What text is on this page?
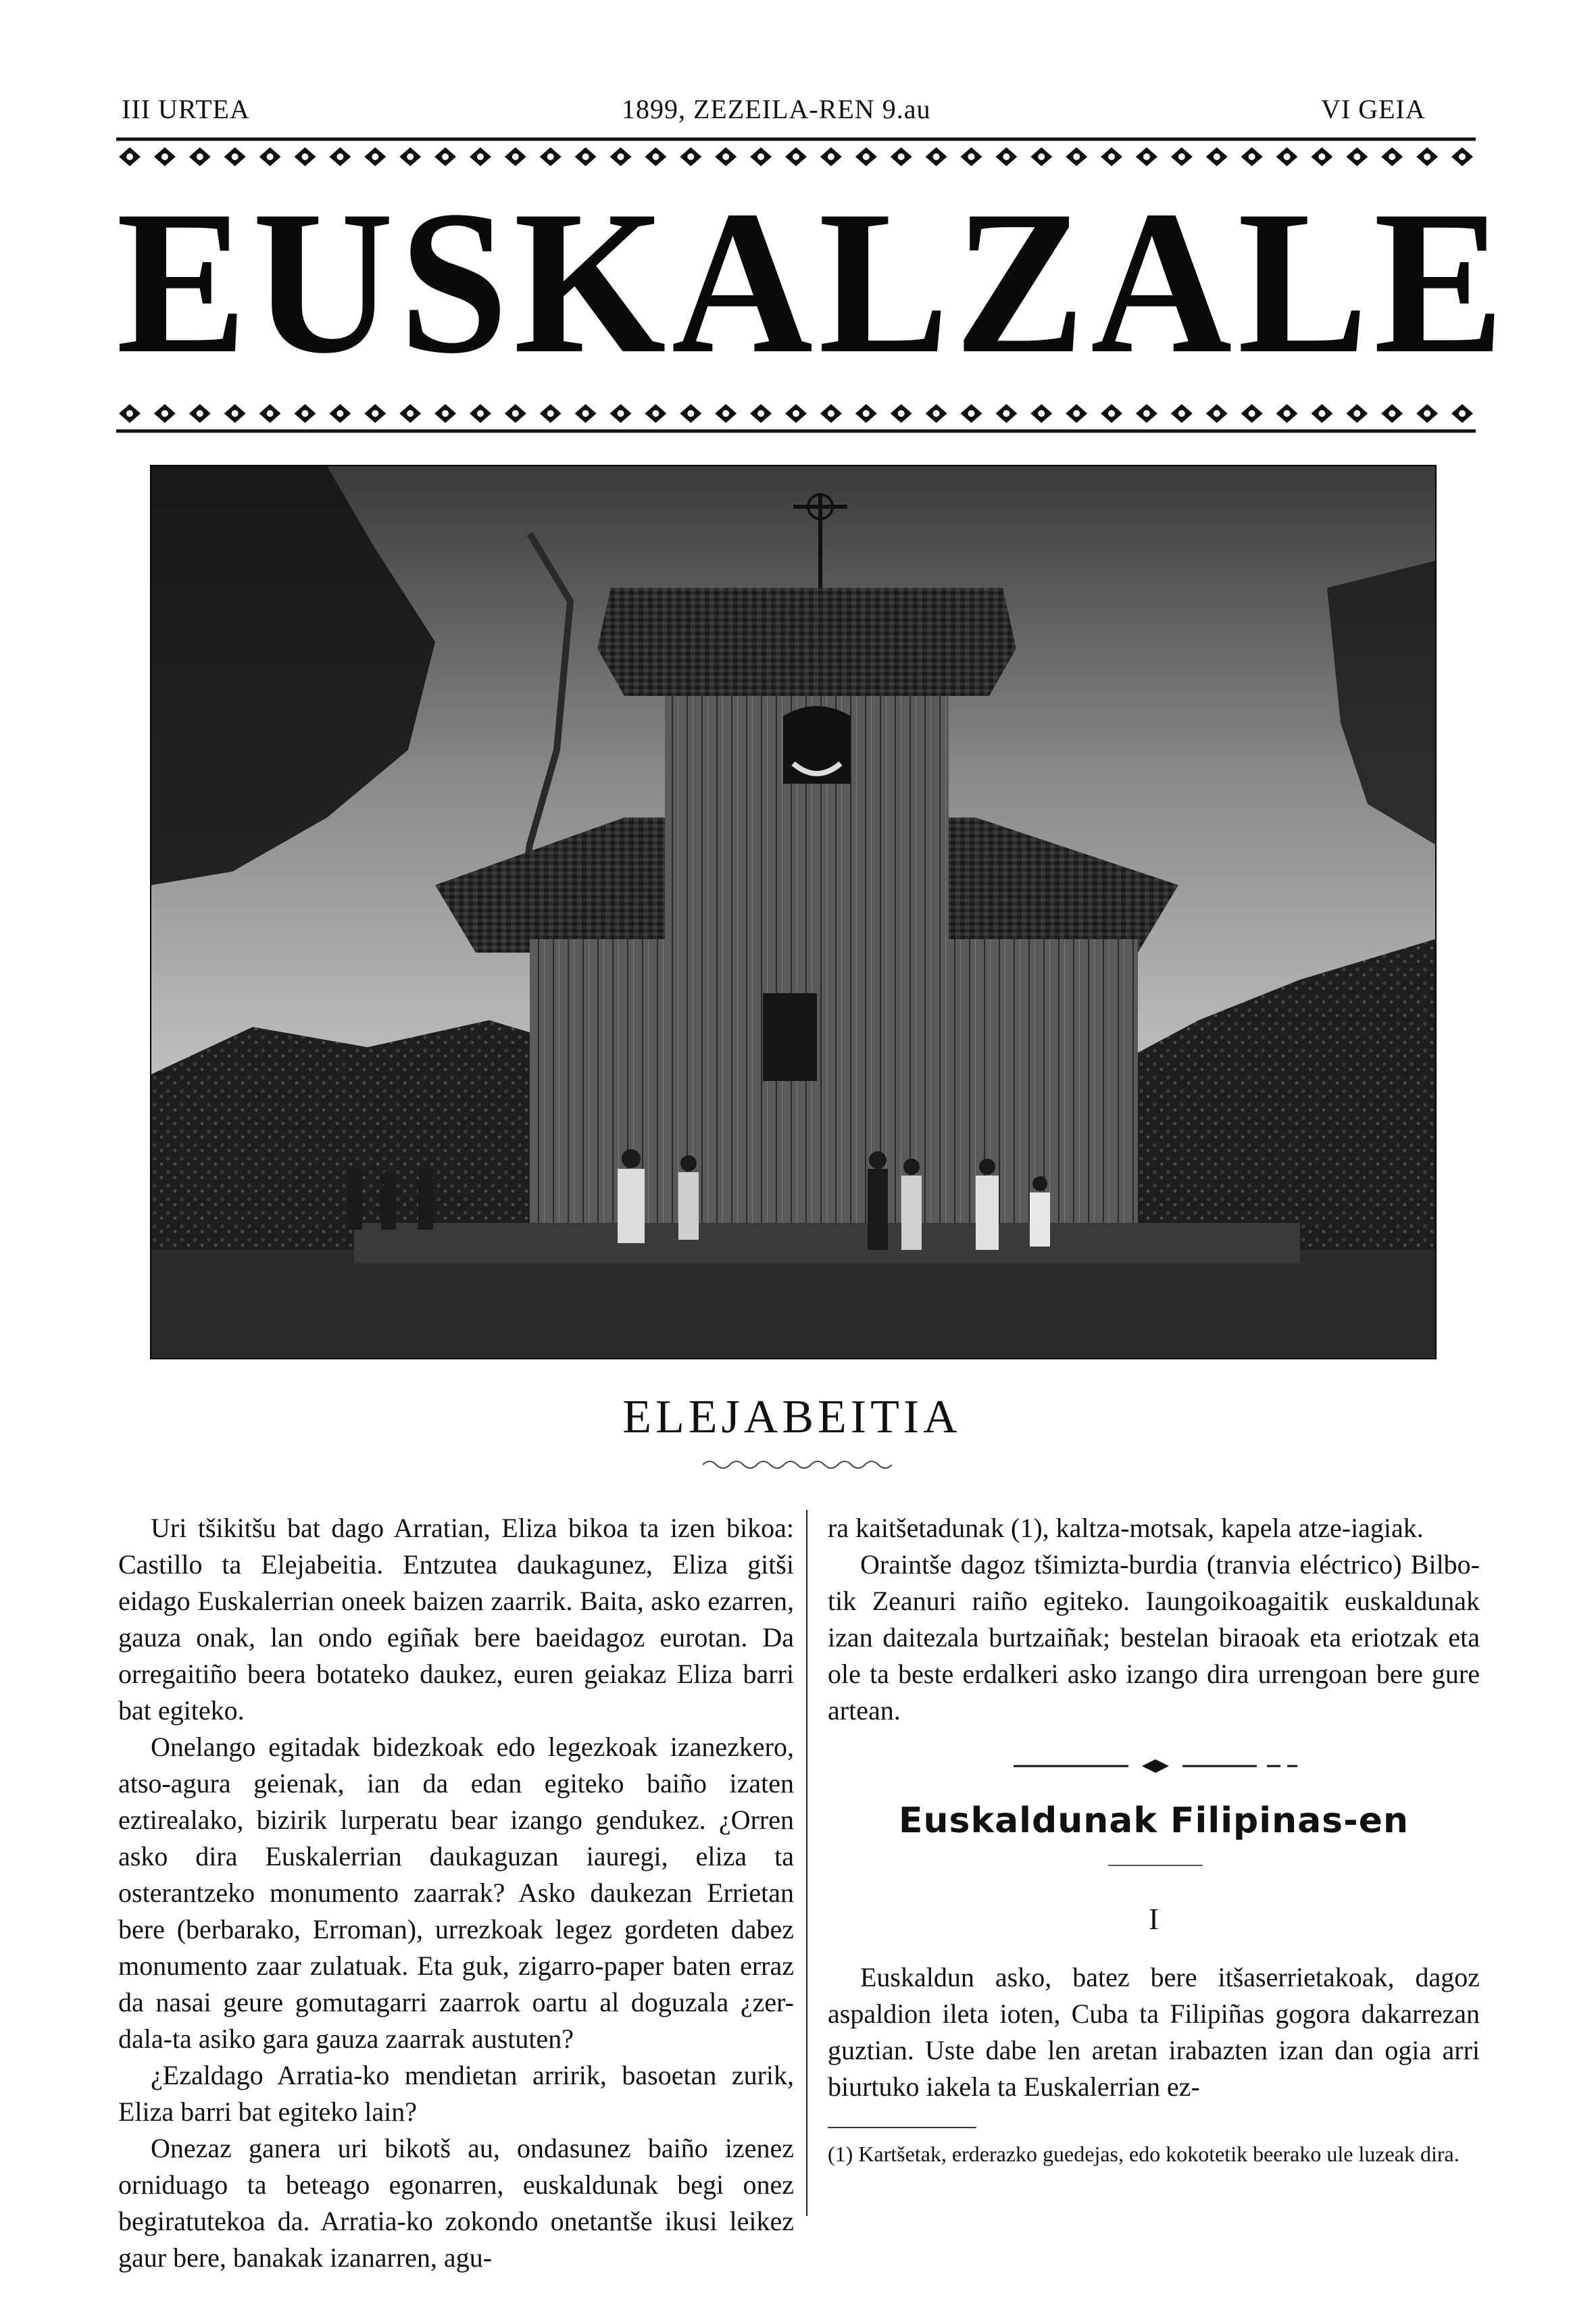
III URTEA	1899, ZEZEILA-REN 9.au	VI GEIA
EUSKALZALE
ELEJABEITIA

Uri tšikitšu bat dago Arratian, Eliza bikoa ta izen bikoa: Castillo ta Elejabeitia. Entzutea daukagunez, Eliza gitši eidago Euskalerrian oneek baizen zaarrik. Baita, asko ezarren, gauza onak, lan ondo egiñak bere baeidagoz eurotan. Da orregaitiño beera botateko daukez, euren geiakaz Eliza barri bat egiteko.

Onelango egitadak bidezkoak edo legezkoak izanezkero, atso-agura geienak, ian da edan egiteko baiño izaten eztirealako, bizirik lurperatu bear izango gendukez. ¿Orren asko dira Euskalerrian daukaguzan iauregi, eliza ta osterantzeko monumento zaarrak? Asko daukezan Errietan bere (berbarako, Erroman), urrezkoak legez gordeten dabez monumento zaar zulatuak. Eta guk, zigarro-paper baten erraz da nasai geure gomutagarri zaarrok oartu al doguzala ¿zer-dala-ta asiko gara gauza zaarrak austuten?

¿Ezaldago Arratia-ko mendietan arririk, basoetan zurik, Eliza barri bat egiteko lain?

Onezaz ganera uri bikotš au, ondasunez baiño izenez orniduago ta beteago egonarren, euskaldunak begi onez begiratutekoa da. Arratia-ko zokondo onetantše ikusi leikez gaur bere, banakak izanarren, agu-

ra kaitšetadunak (1), kaltza-motsak, kapela atze-iagiak.

Oraintše dagoz tšimizta-burdia (tranvia eléctrico) Bilbo-tik Zeanuri raiño egiteko. Iaungoikoagaitik euskaldunak izan daitezala burtzaiñak; bestelan biraoak eta eriotzak eta ole ta beste erdalkeri asko izango dira urrengoan bere gure artean.

Euskaldunak Filipinas-en
I

Euskaldun asko, batez bere itšaserrietakoak, dagoz aspaldion ileta ioten, Cuba ta Filipiñas gogora dakarrezan guztian. Uste dabe len aretan irabazten izan dan ogia arri biurtuko iakela ta Euskalerrian ez-

(1) Kartšetak, erderazko guedejas, edo kokotetik beerako ule luzeak dira.
